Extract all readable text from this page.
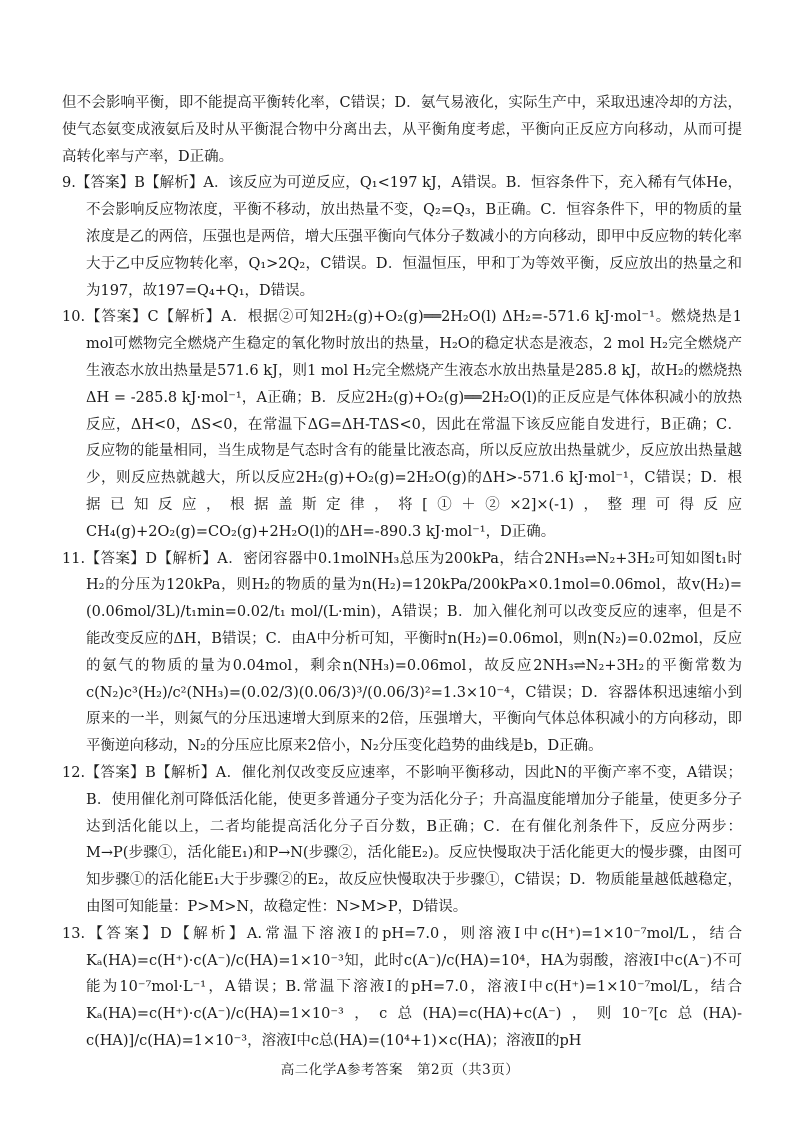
但不会影响平衡，即不能提高平衡转化率，C错误；D．氨气易液化，实际生产中，采取迅速冷却的方法，使气态氨变成液氨后及时从平衡混合物中分离出去，从平衡角度考虑，平衡向正反应方向移动，从而可提高转化率与产率，D正确。

9.【答案】B【解析】A．该反应为可逆反应，Q₁<197 kJ，A错误。B．恒容条件下，充入稀有气体He，不会影响反应物浓度，平衡不移动，放出热量不变，Q₂=Q₃，B正确。C．恒容条件下，甲的物质的量浓度是乙的两倍，压强也是两倍，增大压强平衡向气体分子数减小的方向移动，即甲中反应物的转化率大于乙中反应物转化率，Q₁>2Q₂，C错误。D．恒温恒压，甲和丁为等效平衡，反应放出的热量之和为197，故197=Q₄+Q₁，D错误。

10.【答案】C【解析】A．根据②可知2H₂(g)+O₂(g)══2H₂O(l) ΔH₂=-571.6 kJ·mol⁻¹。燃烧热是1 mol可燃物完全燃烧产生稳定的氧化物时放出的热量，H₂O的稳定状态是液态，2 mol H₂完全燃烧产生液态水放出热量是571.6 kJ，则1 mol H₂完全燃烧产生液态水放出热量是285.8 kJ，故H₂的燃烧热ΔH = -285.8 kJ·mol⁻¹，A正确；B．反应2H₂(g)+O₂(g)══2H₂O(l)的正反应是气体体积减小的放热反应，ΔH<0，ΔS<0，在常温下ΔG=ΔH-TΔS<0，因此在常温下该反应能自发进行，B正确；C．反应物的能量相同，当生成物是气态时含有的能量比液态高，所以反应放出热量就少，反应放出热量越少，则反应热就越大，所以反应2H₂(g)+O₂(g)=2H₂O(g)的ΔH>-571.6 kJ·mol⁻¹，C错误；D．根据已知反应，根据盖斯定律，将[①＋②×2]×(-1)，整理可得反应CH₄(g)+2O₂(g)=CO₂(g)+2H₂O(l)的ΔH=-890.3 kJ·mol⁻¹，D正确。

11.【答案】D【解析】A．密闭容器中0.1molNH₃总压为200kPa，结合2NH₃⇌N₂+3H₂可知如图t₁时H₂的分压为120kPa，则H₂的物质的量为n(H₂)=120kPa/200kPa×0.1mol=0.06mol，故v(H₂)=(0.06mol/3L)/t₁min=0.02/t₁ mol/(L·min)，A错误；B．加入催化剂可以改变反应的速率，但是不能改变反应的ΔH，B错误；C．由A中分析可知，平衡时n(H₂)=0.06mol，则n(N₂)=0.02mol，反应的氨气的物质的量为0.04mol，剩余n(NH₃)=0.06mol，故反应2NH₃⇌N₂+3H₂的平衡常数为c(N₂)c³(H₂)/c²(NH₃)=(0.02/3)(0.06/3)³/(0.06/3)²=1.3×10⁻⁴，C错误；D．容器体积迅速缩小到原来的一半，则氮气的分压迅速增大到原来的2倍，压强增大，平衡向气体总体积减小的方向移动，即平衡逆向移动，N₂的分压应比原来2倍小，N₂分压变化趋势的曲线是b，D正确。

12.【答案】B【解析】A．催化剂仅改变反应速率，不影响平衡移动，因此N的平衡产率不变，A错误；B．使用催化剂可降低活化能，使更多普通分子变为活化分子；升高温度能增加分子能量，使更多分子达到活化能以上，二者均能提高活化分子百分数，B正确；C．在有催化剂条件下，反应分两步：M→P(步骤①，活化能E₁)和P→N(步骤②，活化能E₂)。反应快慢取决于活化能更大的慢步骤，由图可知步骤①的活化能E₁大于步骤②的E₂，故反应快慢取决于步骤①，C错误；D．物质能量越低越稳定，由图可知能量：P>M>N，故稳定性：N>M>P，D错误。

13.【答案】D【解析】A.常温下溶液Ⅰ的pH=7.0，则溶液Ⅰ中c(H⁺)=1×10⁻⁷mol/L，结合Kₐ(HA)=c(H⁺)·c(A⁻)/c(HA)=1×10⁻³知，此时c(A⁻)/c(HA)=10⁴，HA为弱酸，溶液Ⅰ中c(A⁻)不可能为10⁻⁷mol·L⁻¹，A错误；B.常温下溶液Ⅰ的pH=7.0，溶液Ⅰ中c(H⁺)=1×10⁻⁷mol/L，结合Kₐ(HA)=c(H⁺)·c(A⁻)/c(HA)=1×10⁻³，c总(HA)=c(HA)+c(A⁻)，则10⁻⁷[c总(HA)-c(HA)]/c(HA)=1×10⁻³，溶液Ⅰ中c总(HA)=(10⁴+1)×c(HA)；溶液Ⅱ的pH

高二化学A参考答案　第2页（共3页）
